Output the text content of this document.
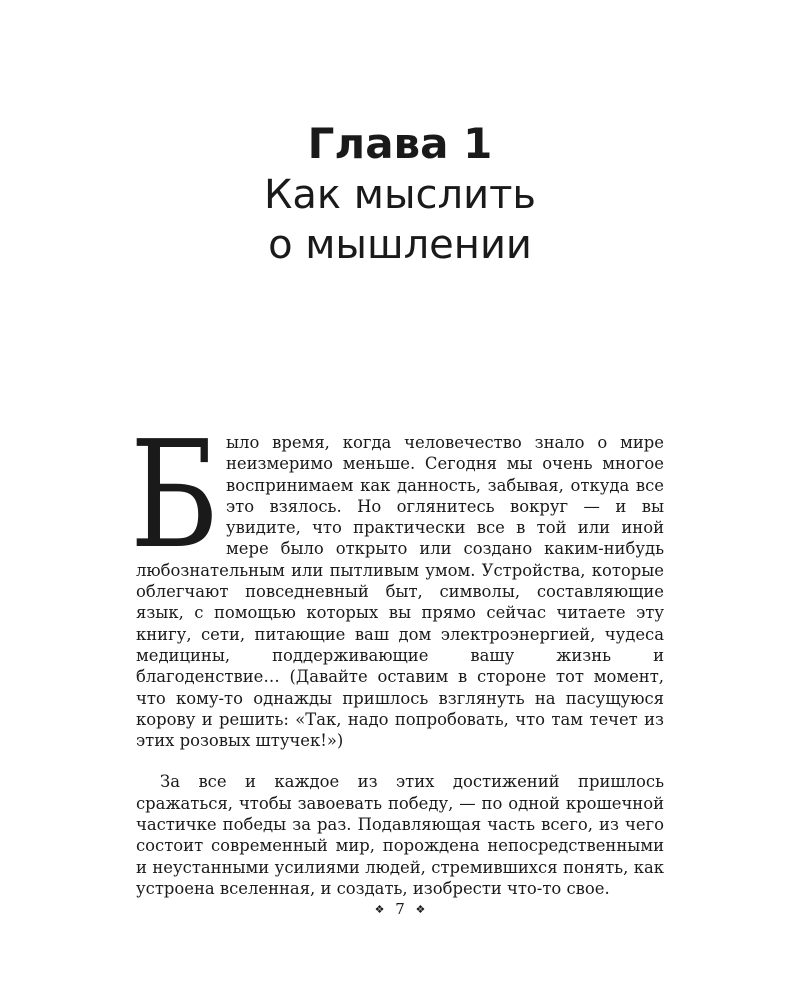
Глава 1
Как мыслить
о мышлении

Б ыло время, когда человечество знало о мире неизмеримо меньше. Сегодня мы очень многое воспринимаем как данность, забывая, откуда все это взялось. Но оглянитесь вокруг — и вы увидите, что практически все в той или иной мере было открыто или создано каким-нибудь любознательным или пытливым умом. Устройства, которые облегчают повседневный быт, символы, составляющие язык, с помощью которых вы прямо сейчас читаете эту книгу, сети, питающие ваш дом электроэнергией, чудеса медицины, поддерживающие вашу жизнь и благоденствие… (Давайте оставим в стороне тот момент, что кому-то однажды пришлось взглянуть на пасущуюся корову и решить: «Так, надо попробовать, что там течет из этих розовых штучек!»)

За все и каждое из этих достижений пришлось сражаться, чтобы завоевать победу, — по одной крошечной частичке победы за раз. Подавляющая часть всего, из чего состоит современный мир, порождена непосредственными и неустанными усилиями людей, стремившихся понять, как устроена вселенная, и создать, изобрести что-то свое.

❖ 7 ❖
